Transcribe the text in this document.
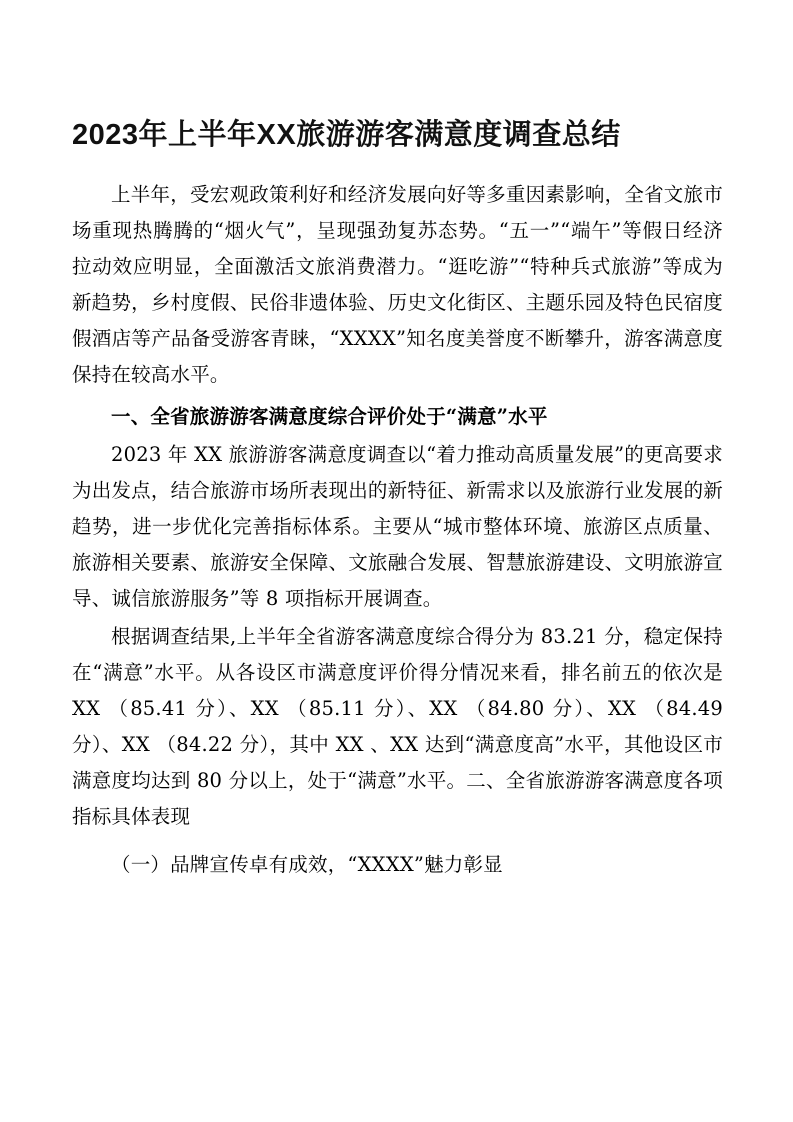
2023年上半年XX旅游游客满意度调查总结

上半年，受宏观政策利好和经济发展向好等多重因素影响，全省文旅市场重现热腾腾的“烟火气”，呈现强劲复苏态势。“五一”“端午”等假日经济拉动效应明显，全面激活文旅消费潜力。“逛吃游”“特种兵式旅游”等成为新趋势，乡村度假、民俗非遗体验、历史文化街区、主题乐园及特色民宿度假酒店等产品备受游客青睐，“XXXX”知名度美誉度不断攀升，游客满意度保持在较高水平。

一、全省旅游游客满意度综合评价处于“满意”水平

2023 年 XX 旅游游客满意度调查以“着力推动高质量发展”的更高要求为出发点，结合旅游市场所表现出的新特征、新需求以及旅游行业发展的新趋势，进一步优化完善指标体系。主要从“城市整体环境、旅游区点质量、旅游相关要素、旅游安全保障、文旅融合发展、智慧旅游建设、文明旅游宣导、诚信旅游服务”等 8 项指标开展调查。

根据调查结果,上半年全省游客满意度综合得分为 83.21 分，稳定保持在“满意”水平。从各设区市满意度评价得分情况来看，排名前五的依次是 XX （85.41 分）、XX （85.11 分）、XX （84.80 分）、XX （84.49 分）、XX （84.22 分），其中 XX 、XX 达到“满意度高”水平，其他设区市满意度均达到 80 分以上，处于“满意”水平。二、全省旅游游客满意度各项指标具体表现

（一）品牌宣传卓有成效，“XXXX”魅力彰显
